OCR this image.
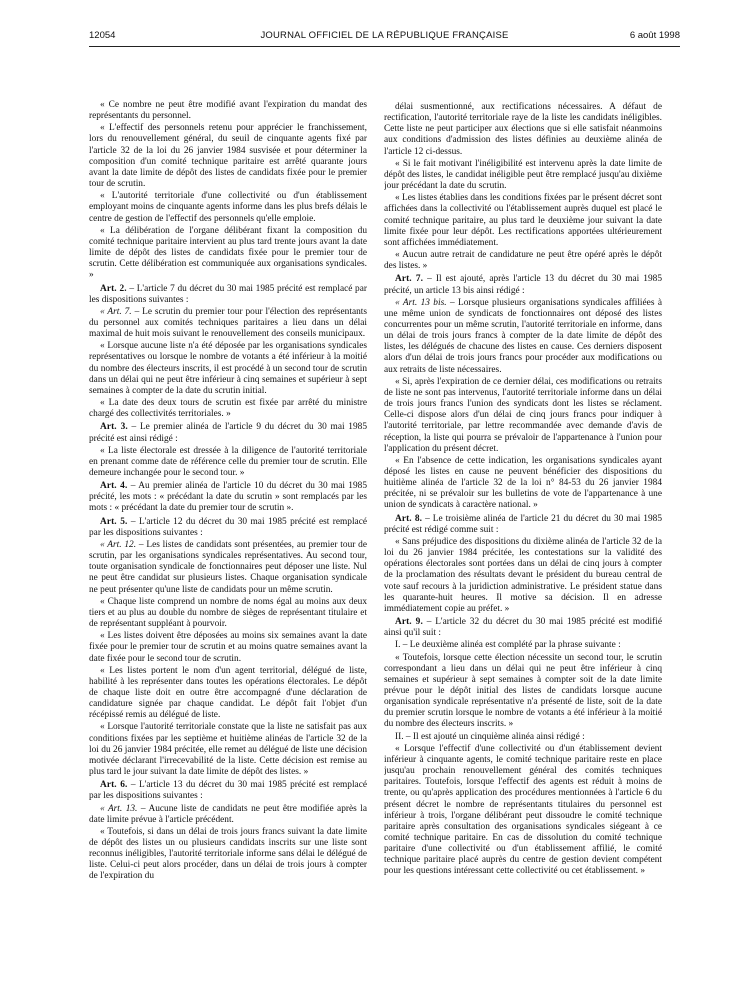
12054	JOURNAL OFFICIEL DE LA RÉPUBLIQUE FRANÇAISE	6 août 1998

« Ce nombre ne peut être modifié avant l'expiration du mandat des représentants du personnel.

« L'effectif des personnels retenu pour apprécier le franchissement, lors du renouvellement général, du seuil de cinquante agents fixé par l'article 32 de la loi du 26 janvier 1984 susvisée et pour déterminer la composition d'un comité technique paritaire est arrêté quarante jours avant la date limite de dépôt des listes de candidats fixée pour le premier tour de scrutin.

« L'autorité territoriale d'une collectivité ou d'un établissement employant moins de cinquante agents informe dans les plus brefs délais le centre de gestion de l'effectif des personnels qu'elle emploie.

« La délibération de l'organe délibérant fixant la composition du comité technique paritaire intervient au plus tard trente jours avant la date limite de dépôt des listes de candidats fixée pour le premier tour de scrutin. Cette délibération est communiquée aux organisations syndicales. »

Art. 2. – L'article 7 du décret du 30 mai 1985 précité est remplacé par les dispositions suivantes :

« Art. 7. – Le scrutin du premier tour pour l'élection des représentants du personnel aux comités techniques paritaires a lieu dans un délai maximal de huit mois suivant le renouvellement des conseils municipaux.

« Lorsque aucune liste n'a été déposée par les organisations syndicales représentatives ou lorsque le nombre de votants a été inférieur à la moitié du nombre des électeurs inscrits, il est procédé à un second tour de scrutin dans un délai qui ne peut être inférieur à cinq semaines et supérieur à sept semaines à compter de la date du scrutin initial.

« La date des deux tours de scrutin est fixée par arrêté du ministre chargé des collectivités territoriales. »

Art. 3. – Le premier alinéa de l'article 9 du décret du 30 mai 1985 précité est ainsi rédigé :

« La liste électorale est dressée à la diligence de l'autorité territoriale en prenant comme date de référence celle du premier tour de scrutin. Elle demeure inchangée pour le second tour. »

Art. 4. – Au premier alinéa de l'article 10 du décret du 30 mai 1985 précité, les mots : « précédant la date du scrutin » sont remplacés par les mots : « précédant la date du premier tour de scrutin ».

Art. 5. – L'article 12 du décret du 30 mai 1985 précité est remplacé par les dispositions suivantes :

« Art. 12. – Les listes de candidats sont présentées, au premier tour de scrutin, par les organisations syndicales représentatives. Au second tour, toute organisation syndicale de fonctionnaires peut déposer une liste. Nul ne peut être candidat sur plusieurs listes. Chaque organisation syndicale ne peut présenter qu'une liste de candidats pour un même scrutin.

« Chaque liste comprend un nombre de noms égal au moins aux deux tiers et au plus au double du nombre de sièges de représentant titulaire et de représentant suppléant à pourvoir.

« Les listes doivent être déposées au moins six semaines avant la date fixée pour le premier tour de scrutin et au moins quatre semaines avant la date fixée pour le second tour de scrutin.

« Les listes portent le nom d'un agent territorial, délégué de liste, habilité à les représenter dans toutes les opérations électorales. Le dépôt de chaque liste doit en outre être accompagné d'une déclaration de candidature signée par chaque candidat. Le dépôt fait l'objet d'un récépissé remis au délégué de liste.

« Lorsque l'autorité territoriale constate que la liste ne satisfait pas aux conditions fixées par les septième et huitième alinéas de l'article 32 de la loi du 26 janvier 1984 précitée, elle remet au délégué de liste une décision motivée déclarant l'irrecevabilité de la liste. Cette décision est remise au plus tard le jour suivant la date limite de dépôt des listes. »

Art. 6. – L'article 13 du décret du 30 mai 1985 précité est remplacé par les dispositions suivantes :

« Art. 13. – Aucune liste de candidats ne peut être modifiée après la date limite prévue à l'article précédent.

« Toutefois, si dans un délai de trois jours francs suivant la date limite de dépôt des listes un ou plusieurs candidats inscrits sur une liste sont reconnus inéligibles, l'autorité territoriale informe sans délai le délégué de liste. Celui-ci peut alors procéder, dans un délai de trois jours à compter de l'expiration du

délai susmentionné, aux rectifications nécessaires. A défaut de rectification, l'autorité territoriale raye de la liste les candidats inéligibles. Cette liste ne peut participer aux élections que si elle satisfait néanmoins aux conditions d'admission des listes définies au deuxième alinéa de l'article 12 ci-dessus.

« Si le fait motivant l'inéligibilité est intervenu après la date limite de dépôt des listes, le candidat inéligible peut être remplacé jusqu'au dixième jour précédant la date du scrutin.

« Les listes établies dans les conditions fixées par le présent décret sont affichées dans la collectivité ou l'établissement auprès duquel est placé le comité technique paritaire, au plus tard le deuxième jour suivant la date limite fixée pour leur dépôt. Les rectifications apportées ultérieurement sont affichées immédiatement.

« Aucun autre retrait de candidature ne peut être opéré après le dépôt des listes. »

Art. 7. – Il est ajouté, après l'article 13 du décret du 30 mai 1985 précité, un article 13 bis ainsi rédigé :

« Art. 13 bis. – Lorsque plusieurs organisations syndicales affiliées à une même union de syndicats de fonctionnaires ont déposé des listes concurrentes pour un même scrutin, l'autorité territoriale en informe, dans un délai de trois jours francs à compter de la date limite de dépôt des listes, les délégués de chacune des listes en cause. Ces derniers disposent alors d'un délai de trois jours francs pour procéder aux modifications ou aux retraits de liste nécessaires.

« Si, après l'expiration de ce dernier délai, ces modifications ou retraits de liste ne sont pas intervenus, l'autorité territoriale informe dans un délai de trois jours francs l'union des syndicats dont les listes se réclament. Celle-ci dispose alors d'un délai de cinq jours francs pour indiquer à l'autorité territoriale, par lettre recommandée avec demande d'avis de réception, la liste qui pourra se prévaloir de l'appartenance à l'union pour l'application du présent décret.

« En l'absence de cette indication, les organisations syndicales ayant déposé les listes en cause ne peuvent bénéficier des dispositions du huitième alinéa de l'article 32 de la loi n° 84-53 du 26 janvier 1984 précitée, ni se prévaloir sur les bulletins de vote de l'appartenance à une union de syndicats à caractère national. »

Art. 8. – Le troisième alinéa de l'article 21 du décret du 30 mai 1985 précité est rédigé comme suit :

« Sans préjudice des dispositions du dixième alinéa de l'article 32 de la loi du 26 janvier 1984 précitée, les contestations sur la validité des opérations électorales sont portées dans un délai de cinq jours à compter de la proclamation des résultats devant le président du bureau central de vote sauf recours à la juridiction administrative. Le président statue dans les quarante-huit heures. Il motive sa décision. Il en adresse immédiatement copie au préfet. »

Art. 9. – L'article 32 du décret du 30 mai 1985 précité est modifié ainsi qu'il suit :

I. – Le deuxième alinéa est complété par la phrase suivante :

« Toutefois, lorsque cette élection nécessite un second tour, le scrutin correspondant a lieu dans un délai qui ne peut être inférieur à cinq semaines et supérieur à sept semaines à compter soit de la date limite prévue pour le dépôt initial des listes de candidats lorsque aucune organisation syndicale représentative n'a présenté de liste, soit de la date du premier scrutin lorsque le nombre de votants a été inférieur à la moitié du nombre des électeurs inscrits. »

II. – Il est ajouté un cinquième alinéa ainsi rédigé :

« Lorsque l'effectif d'une collectivité ou d'un établissement devient inférieur à cinquante agents, le comité technique paritaire reste en place jusqu'au prochain renouvellement général des comités techniques paritaires. Toutefois, lorsque l'effectif des agents est réduit à moins de trente, ou qu'après application des procédures mentionnées à l'article 6 du présent décret le nombre de représentants titulaires du personnel est inférieur à trois, l'organe délibérant peut dissoudre le comité technique paritaire après consultation des organisations syndicales siégeant à ce comité technique paritaire. En cas de dissolution du comité technique paritaire d'une collectivité ou d'un établissement affilié, le comité technique paritaire placé auprès du centre de gestion devient compétent pour les questions intéressant cette collectivité ou cet établissement. »
